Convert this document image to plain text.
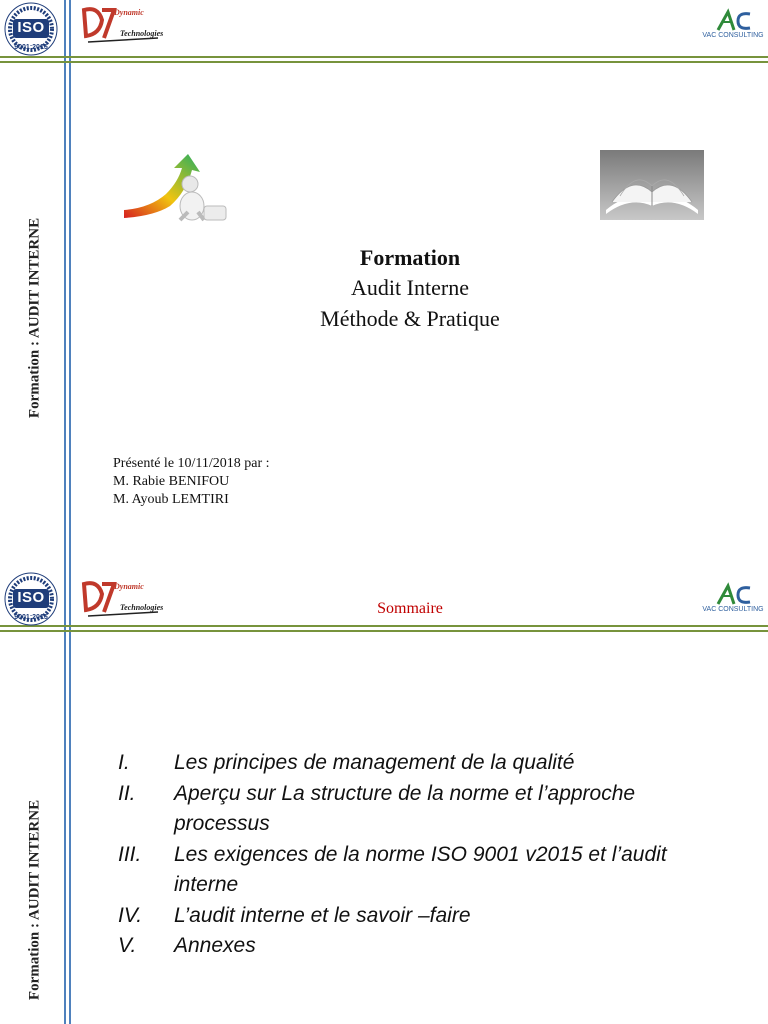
ISO
9001:2015
Dynamic
Technologies	VAC CONSULTING
Formation : AUDIT INTERNE	Formation
Audit Interne
Méthode & Pratique
Présenté le 10/11/2018 par :
M. Rabie BENIFOU
M. Ayoub LEMTIRI
ISO
9001:2015
Dynamic
Technologies	Sommaire	VAC CONSULTING
Formation : AUDIT INTERNE
I. Les principes de management de la qualité
II. Aperçu sur La structure de la norme et l’approche
processus
III. Les exigences de la norme ISO 9001 v2015 et l’audit
interne
IV. L’audit interne et le savoir –faire
V. Annexes
